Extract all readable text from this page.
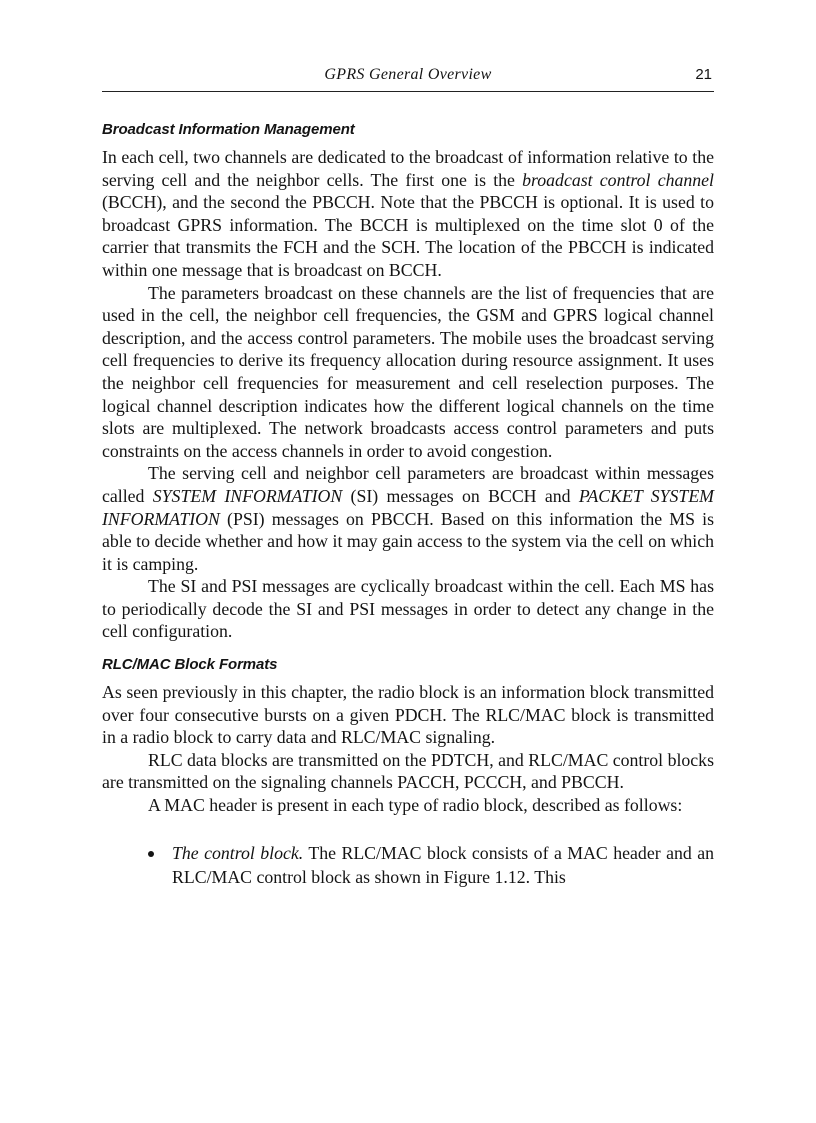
GPRS General Overview	21
Broadcast Information Management

In each cell, two channels are dedicated to the broadcast of information relative to the serving cell and the neighbor cells. The first one is the broadcast control channel (BCCH), and the second the PBCCH. Note that the PBCCH is optional. It is used to broadcast GPRS information. The BCCH is multiplexed on the time slot 0 of the carrier that transmits the FCH and the SCH. The location of the PBCCH is indicated within one message that is broadcast on BCCH.

The parameters broadcast on these channels are the list of frequencies that are used in the cell, the neighbor cell frequencies, the GSM and GPRS logical channel description, and the access control parameters. The mobile uses the broadcast serving cell frequencies to derive its frequency allocation during resource assignment. It uses the neighbor cell frequencies for measurement and cell reselection purposes. The logical channel description indicates how the different logical channels on the time slots are multiplexed. The network broadcasts access control parameters and puts constraints on the access channels in order to avoid congestion.

The serving cell and neighbor cell parameters are broadcast within messages called SYSTEM INFORMATION (SI) messages on BCCH and PACKET SYSTEM INFORMATION (PSI) messages on PBCCH. Based on this information the MS is able to decide whether and how it may gain access to the system via the cell on which it is camping.

The SI and PSI messages are cyclically broadcast within the cell. Each MS has to periodically decode the SI and PSI messages in order to detect any change in the cell configuration.

RLC/MAC Block Formats

As seen previously in this chapter, the radio block is an information block transmitted over four consecutive bursts on a given PDCH. The RLC/MAC block is transmitted in a radio block to carry data and RLC/MAC signaling.

RLC data blocks are transmitted on the PDTCH, and RLC/MAC control blocks are transmitted on the signaling channels PACCH, PCCCH, and PBCCH.

A MAC header is present in each type of radio block, described as follows:

The control block. The RLC/MAC block consists of a MAC header and an RLC/MAC control block as shown in Figure 1.12. This
